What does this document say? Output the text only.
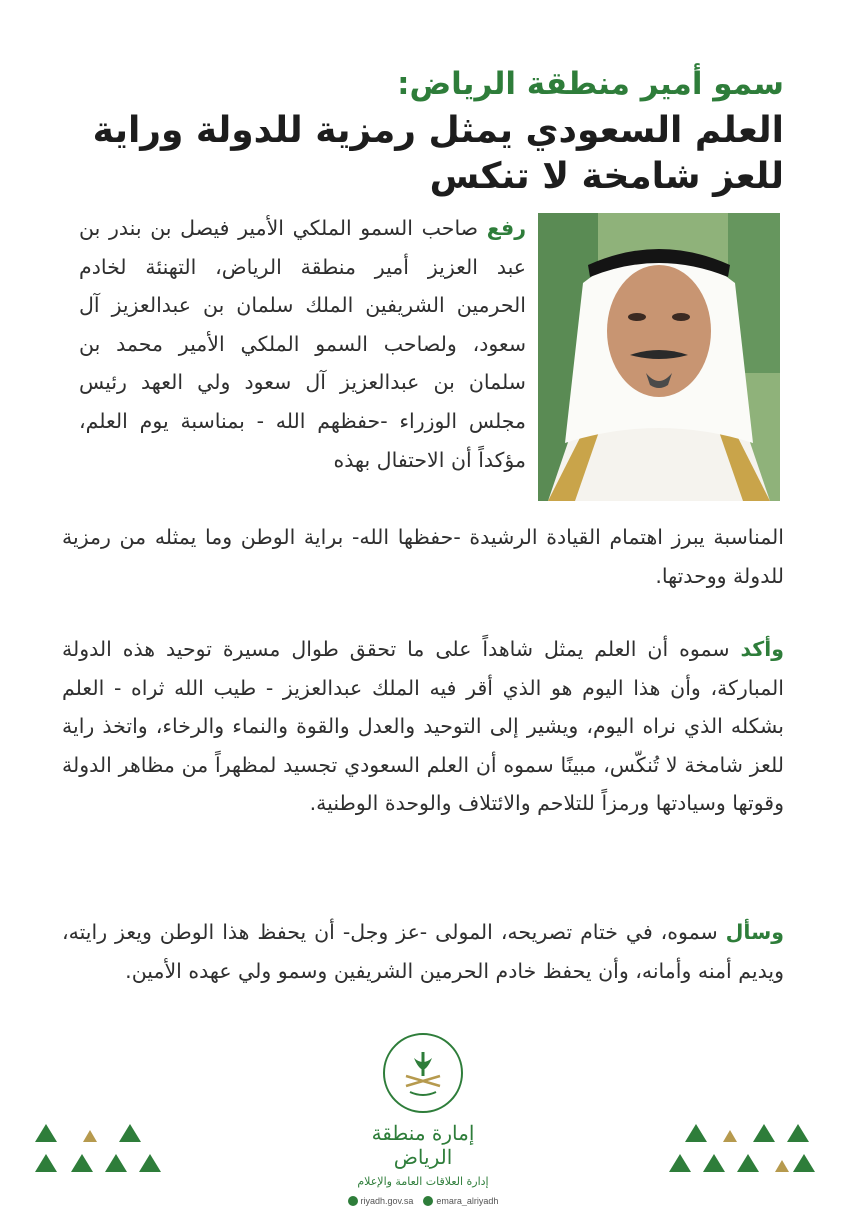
سمو أمير منطقة الرياض:
العلم السعودي يمثل رمزية للدولة وراية للعز شامخة لا تنكس

رفع صاحب السمو الملكي الأمير فيصل بن بندر بن عبد العزيز أمير منطقة الرياض، التهنئة لخادم الحرمين الشريفين الملك سلمان بن عبدالعزيز آل سعود، ولصاحب السمو الملكي الأمير محمد بن سلمان بن عبدالعزيز آل سعود ولي العهد رئيس مجلس الوزراء -حفظهم الله - بمناسبة يوم العلم، مؤكداً أن الاحتفال بهذه

المناسبة يبرز اهتمام القيادة الرشيدة -حفظها الله- براية الوطن وما يمثله من رمزية للدولة ووحدتها.

وأكد سموه أن العلم يمثل شاهداً على ما تحقق طوال مسيرة توحيد هذه الدولة المباركة، وأن هذا اليوم هو الذي أقر فيه الملك عبدالعزيز - طيب الله ثراه - العلم بشكله الذي نراه اليوم، ويشير إلى التوحيد والعدل والقوة والنماء والرخاء، واتخذ راية للعز شامخة لا تُنكّس، مبينًا سموه أن العلم السعودي تجسيد لمظهراً من مظاهر الدولة وقوتها وسيادتها ورمزاً للتلاحم والائتلاف والوحدة الوطنية.

وسأل سموه، في ختام تصريحه، المولى -عز وجل- أن يحفظ هذا الوطن ويعز رايته، ويديم أمنه وأمانه، وأن يحفظ خادم الحرمين الشريفين وسمو ولي عهده الأمين.

إمارة منطقة الرياض
إدارة العلاقات العامة والإعلام
riyadh.gov.sa	emara_alriyadh
